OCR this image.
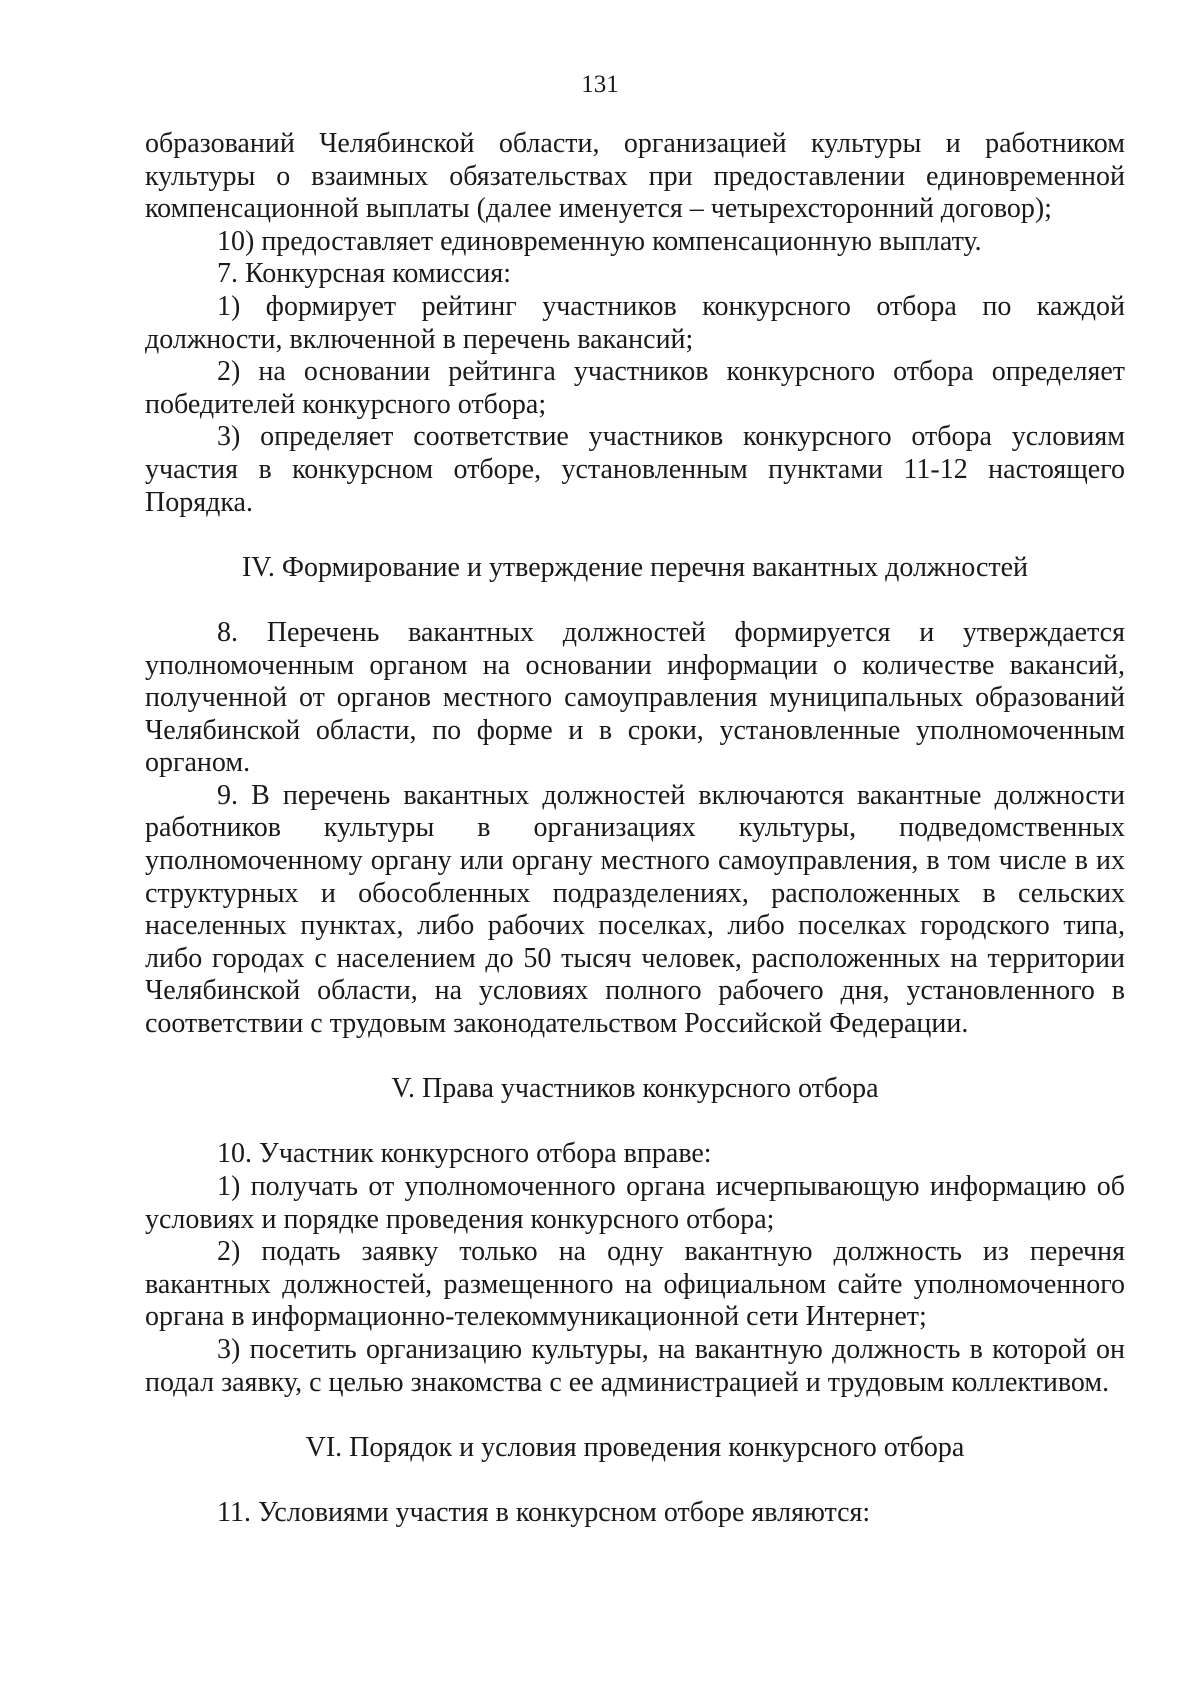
131

образований Челябинской области, организацией культуры и работником культуры о взаимных обязательствах при предоставлении единовременной компенсационной выплаты (далее именуется – четырехсторонний договор);

10) предоставляет единовременную компенсационную выплату.

7. Конкурсная комиссия:

1) формирует рейтинг участников конкурсного отбора по каждой должности, включенной в перечень вакансий;

2) на основании рейтинга участников конкурсного отбора определяет победителей конкурсного отбора;

3) определяет соответствие участников конкурсного отбора условиям участия в конкурсном отборе, установленным пунктами 11-12 настоящего Порядка.

IV. Формирование и утверждение перечня вакантных должностей

8. Перечень вакантных должностей формируется и утверждается уполномоченным органом на основании информации о количестве вакансий, полученной от органов местного самоуправления муниципальных образований Челябинской области, по форме и в сроки, установленные уполномоченным органом.

9. В перечень вакантных должностей включаются вакантные должности работников культуры в организациях культуры, подведомственных уполномоченному органу или органу местного самоуправления, в том числе в их структурных и обособленных подразделениях, расположенных в сельских населенных пунктах, либо рабочих поселках, либо поселках городского типа, либо городах с населением до 50 тысяч человек, расположенных на территории Челябинской области, на условиях полного рабочего дня, установленного в соответствии с трудовым законодательством Российской Федерации.

V. Права участников конкурсного отбора

10. Участник конкурсного отбора вправе:

1) получать от уполномоченного органа исчерпывающую информацию об условиях и порядке проведения конкурсного отбора;

2) подать заявку только на одну вакантную должность из перечня вакантных должностей, размещенного на официальном сайте уполномоченного органа в информационно-телекоммуникационной сети Интернет;

3) посетить организацию культуры, на вакантную должность в которой он подал заявку, с целью знакомства с ее администрацией и трудовым коллективом.

VI. Порядок и условия проведения конкурсного отбора

11. Условиями участия в конкурсном отборе являются:
